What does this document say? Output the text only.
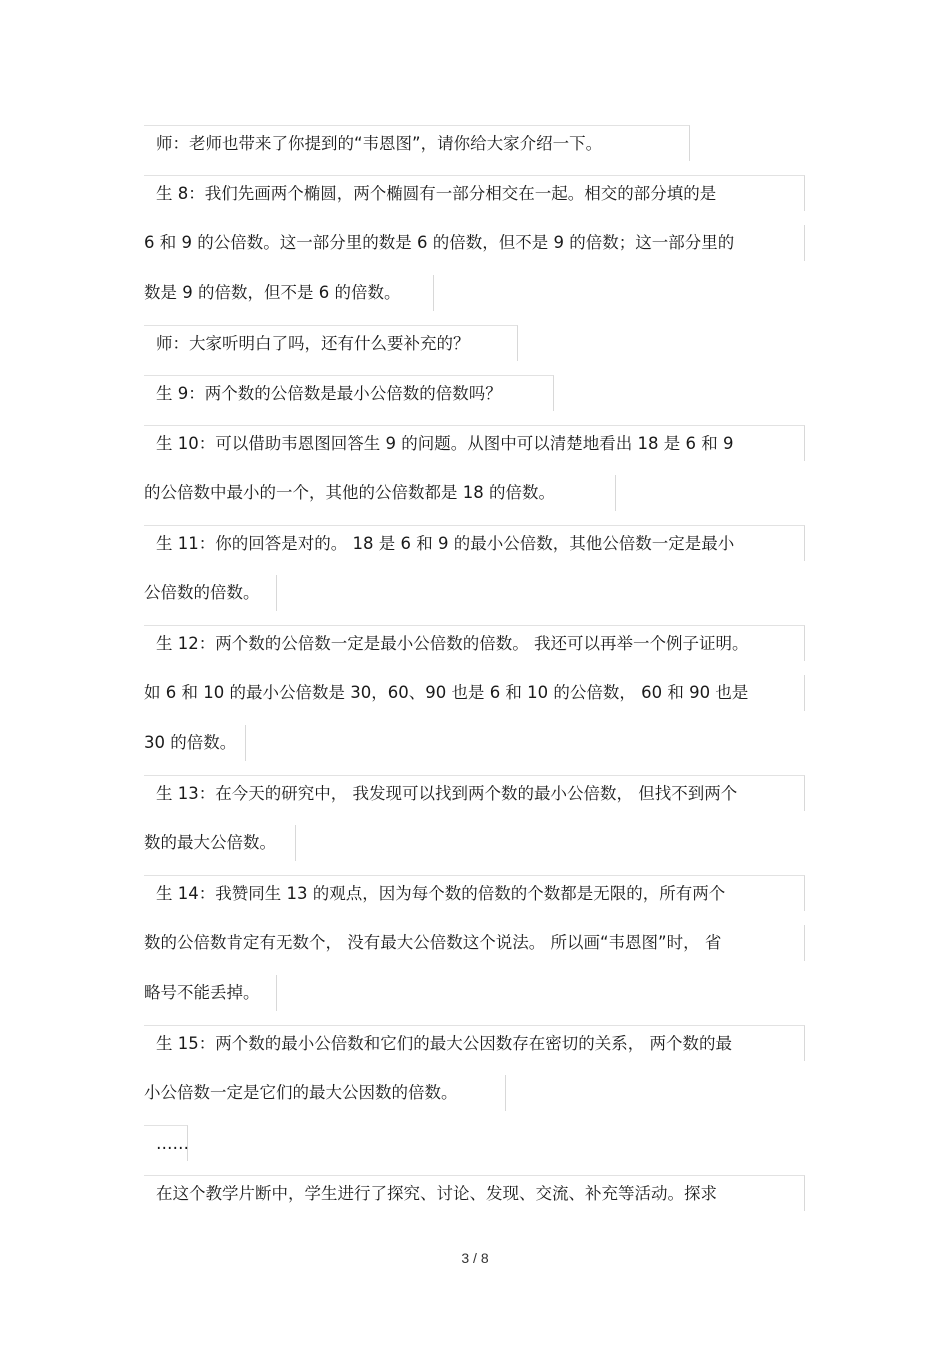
师：老师也带来了你提到的“韦恩图”，请你给大家介绍一下。
生 8：我们先画两个椭圆，两个椭圆有一部分相交在一起。相交的部分填的是
6 和 9 的公倍数。这一部分里的数是 6 的倍数，但不是 9 的倍数；这一部分里的
数是 9 的倍数，但不是 6 的倍数。
师：大家听明白了吗，还有什么要补充的？
生 9：两个数的公倍数是最小公倍数的倍数吗？
生 10：可以借助韦恩图回答生 9 的问题。从图中可以清楚地看出 18 是 6 和 9
的公倍数中最小的一个，其他的公倍数都是 18 的倍数。
生 11：你的回答是对的。 18 是 6 和 9 的最小公倍数，其他公倍数一定是最小
公倍数的倍数。
生 12：两个数的公倍数一定是最小公倍数的倍数。 我还可以再举一个例子证明。
如 6 和 10 的最小公倍数是 30，60、90 也是 6 和 10 的公倍数， 60 和 90 也是
30 的倍数。
生 13：在今天的研究中， 我发现可以找到两个数的最小公倍数， 但找不到两个
数的最大公倍数。
生 14：我赞同生 13 的观点，因为每个数的倍数的个数都是无限的，所有两个
数的公倍数肯定有无数个， 没有最大公倍数这个说法。 所以画“韦恩图”时， 省
略号不能丢掉。
生 15：两个数的最小公倍数和它们的最大公因数存在密切的关系， 两个数的最
小公倍数一定是它们的最大公因数的倍数。
……
在这个教学片断中，学生进行了探究、讨论、发现、交流、补充等活动。探求
3 / 8
